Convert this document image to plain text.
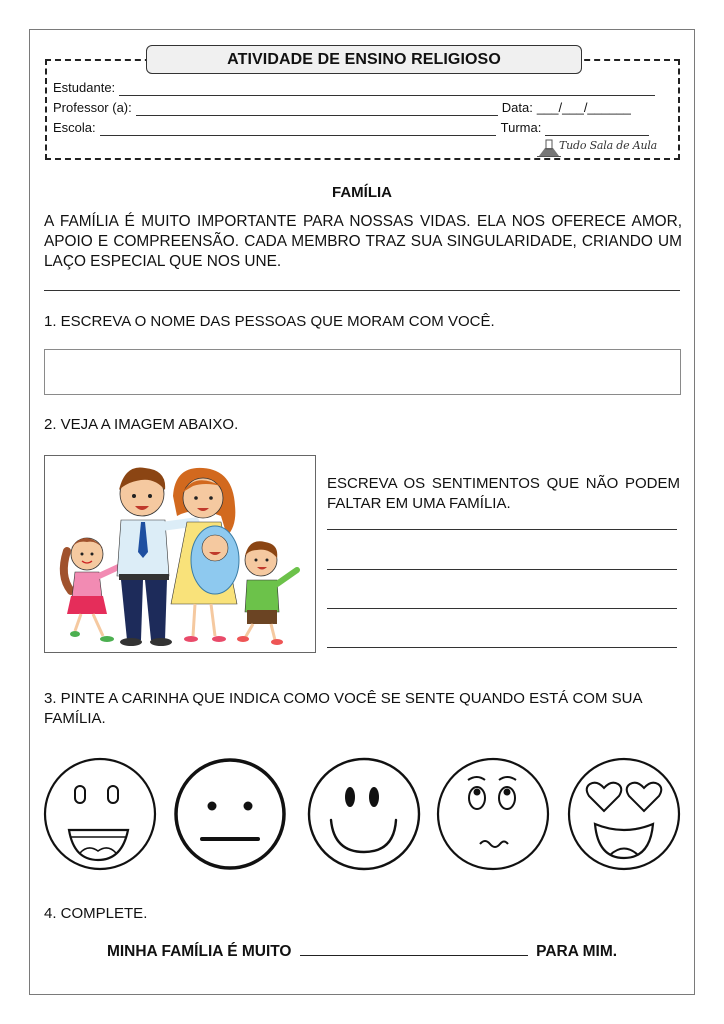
ATIVIDADE DE ENSINO RELIGIOSO
Estudante:
Professor (a):	Data: ___/___/______
Escola:	Turma:
Tudo Sala de Aula
FAMÍLIA
A FAMÍLIA É MUITO IMPORTANTE PARA NOSSAS VIDAS. ELA NOS OFERECE AMOR, APOIO E COMPREENSÃO. CADA MEMBRO TRAZ SUA SINGULARIDADE, CRIANDO UM LAÇO ESPECIAL QUE NOS UNE.
1. ESCREVA O NOME DAS PESSOAS QUE MORAM COM VOCÊ.
2. VEJA A IMAGEM ABAIXO.
ESCREVA OS SENTIMENTOS QUE NÃO PODEM FALTAR EM UMA FAMÍLIA.
3. PINTE A CARINHA QUE INDICA COMO VOCÊ SE SENTE QUANDO ESTÁ COM SUA FAMÍLIA.
4. COMPLETE.
MINHA FAMÍLIA É MUITO	PARA MIM.
